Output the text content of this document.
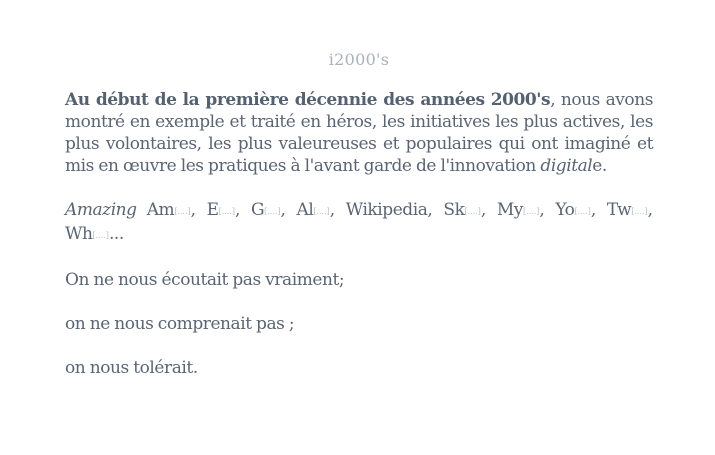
i2000's

Au début de la première décennie des années 2000's, nous avons montré en exemple et traité en héros, les initiatives les plus actives, les plus volontaires, les plus valeureuses et populaires qui ont imaginé et mis en œuvre les pratiques à l'avant garde de l'innovation digitale.

Amazing Am[....], E[....], G[....], Al[....], Wikipedia, Sk[....], My[....], Yo[....], Tw[....], Wh[....]...

On ne nous écoutait pas vraiment;

on ne nous comprenait pas ;

on nous tolérait.
